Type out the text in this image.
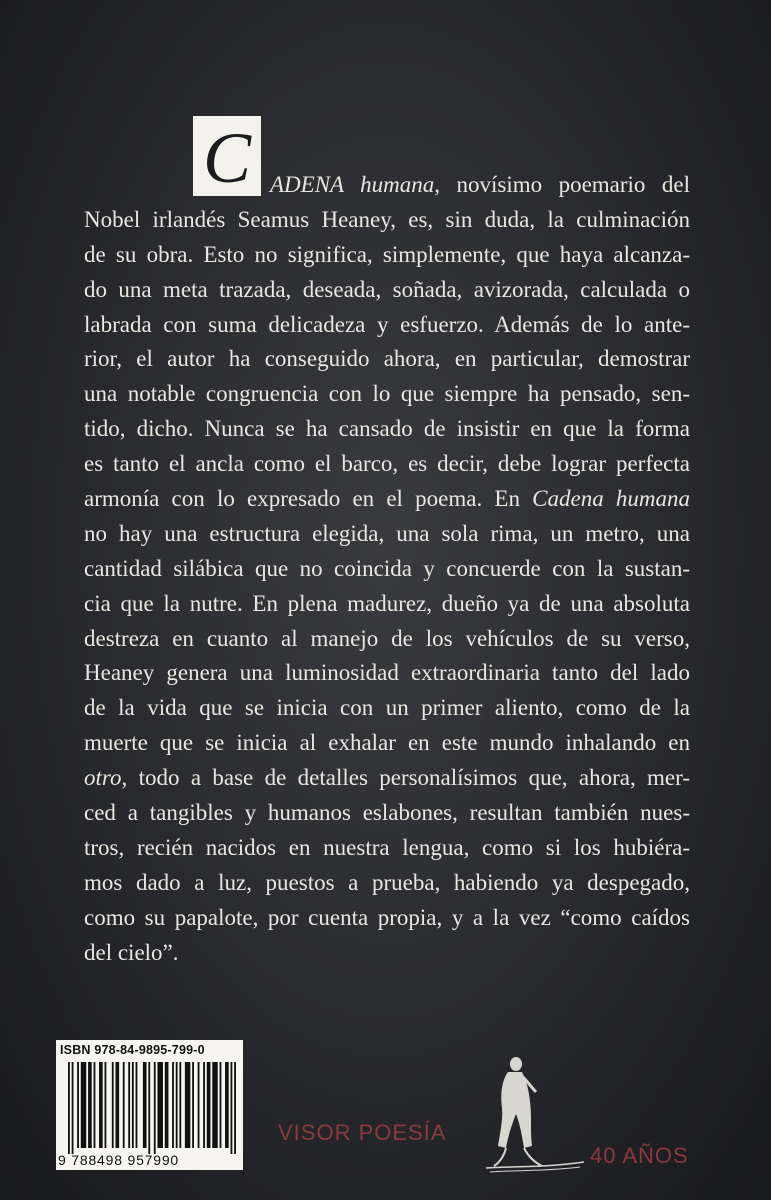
C ADENA humana, novísimo poemario del
Nobel irlandés Seamus Heaney, es, sin duda, la culminación
de su obra. Esto no significa, simplemente, que haya alcanza-
do una meta trazada, deseada, soñada, avizorada, calculada o
labrada con suma delicadeza y esfuerzo. Además de lo ante-
rior, el autor ha conseguido ahora, en particular, demostrar
una notable congruencia con lo que siempre ha pensado, sen-
tido, dicho. Nunca se ha cansado de insistir en que la forma
es tanto el ancla como el barco, es decir, debe lograr perfecta
armonía con lo expresado en el poema. En Cadena humana
no hay una estructura elegida, una sola rima, un metro, una
cantidad silábica que no coincida y concuerde con la sustan-
cia que la nutre. En plena madurez, dueño ya de una absoluta
destreza en cuanto al manejo de los vehículos de su verso,
Heaney genera una luminosidad extraordinaria tanto del lado
de la vida que se inicia con un primer aliento, como de la
muerte que se inicia al exhalar en este mundo inhalando en
otro, todo a base de detalles personalísimos que, ahora, mer-
ced a tangibles y humanos eslabones, resultan también nues-
tros, recién nacidos en nuestra lengua, como si los hubiéra-
mos dado a luz, puestos a prueba, habiendo ya despegado,
como su papalote, por cuenta propia, y a la vez “como caídos
del cielo”.
ISBN 978-84-9895-799-0
9 788498 957990
VISOR POESÍA
40 AÑOS
